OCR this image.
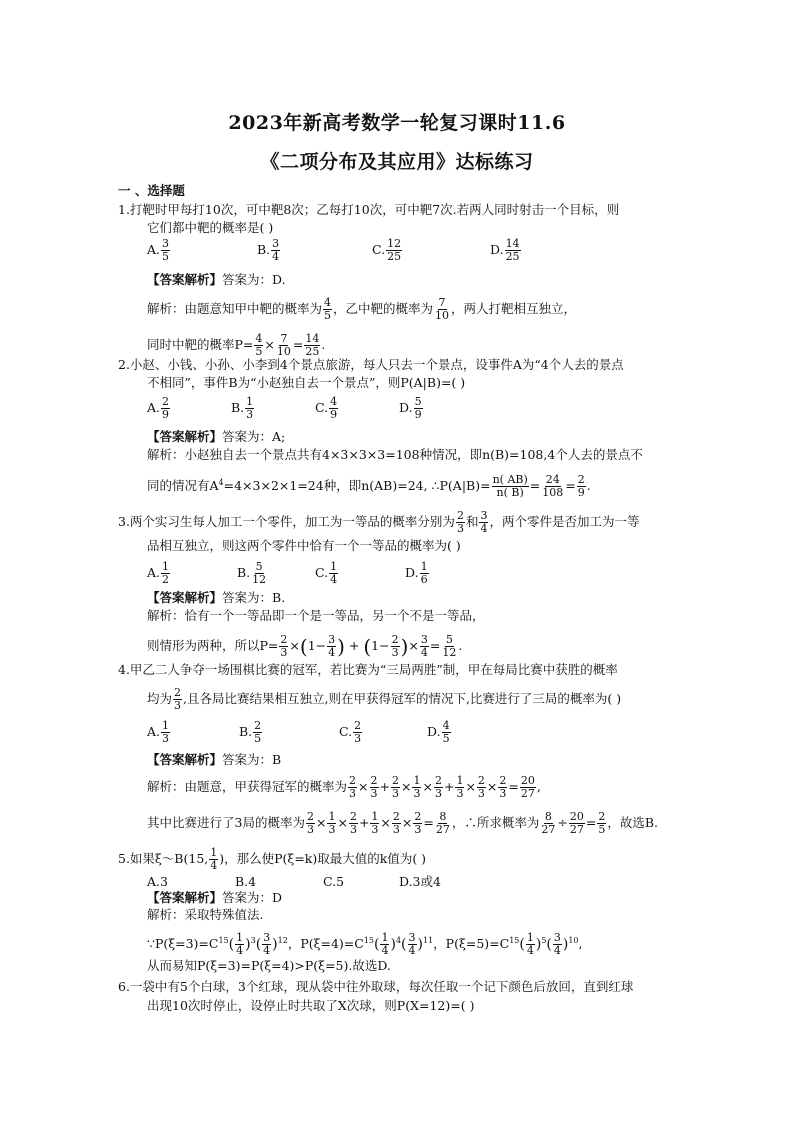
2023年新高考数学一轮复习课时11.6
《二项分布及其应用》达标练习
一 、选择题
1.打靶时甲每打10次，可中靶8次；乙每打10次，可中靶7次.若两人同时射击一个目标，则
它们都中靶的概率是( )
A. $\frac{3}{5}$	B. $\frac{3}{4}$	C. $\frac{12}{25}$	D. $\frac{14}{25}$
【答案解析】答案为：D.
解析：由题意知甲中靶的概率为 $\frac{4}{5}$ ，乙中靶的概率为 $\frac{7}{10}$ ，两人打靶相互独立，
同时中靶的概率$P= \frac{4}{5} \times \frac{7}{10} = \frac{14}{25}$ .
2.小赵、小钱、小孙、小李到4个景点旅游，每人只去一个景点，设事件A为“4个人去的景点
不相同”，事件B为“小赵独自去一个景点”，则P(A|B)=( )
A. $\frac{2}{9}$	B. $\frac{1}{3}$	C. $\frac{4}{9}$	D. $\frac{5}{9}$
【答案解析】答案为：A;
解析：小赵独自去一个景点共有4×3×3×3=108种情况，即n(B)=108,4个人去的景点不
同的情况有$A^4=4\times 3\times 2\times 1=24$种，即n(AB)=24, ∴P(A|B)= $\frac{n( AB)}{n( B)} = \frac{24}{108} = \frac{2}{9}$ .
3.两个实习生每人加工一个零件，加工为一等品的概率分别为 $\frac{2}{3}$ 和 $\frac{3}{4}$ ，两个零件是否加工为一等
品相互独立，则这两个零件中恰有一个一等品的概率为( )
A. $\frac{1}{2}$	B. $\frac{5}{12}$	C. $\frac{1}{4}$	D. $\frac{1}{6}$
【答案解析】答案为：B.
解析：恰有一个一等品即一个是一等品，另一个不是一等品，
则情形为两种，所以$P= \frac{2}{3} \times(1- \frac{3}{4}$ ) + ($1- \frac{2}{3}$ )× $\frac{3}{4} = \frac{5}{12}$ .
4.甲乙二人争夺一场围棋比赛的冠军，若比赛为“三局两胜”制，甲在每局比赛中获胜的概率
均为 $\frac{2}{3}$ ,且各局比赛结果相互独立,则在甲获得冠军的情况下,比赛进行了三局的概率为( )
A. $\frac{1}{3}$	B. $\frac{2}{5}$	C. $\frac{2}{3}$	D. $\frac{4}{5}$
【答案解析】答案为：B
解析：由题意，甲获得冠军的概率为 $\frac{2}{3} \times \frac{2}{3} + \frac{2}{3} \times \frac{1}{3} \times \frac{2}{3} + \frac{1}{3} \times \frac{2}{3} \times \frac{2}{3} = \frac{20}{27}$ ,
其中比赛进行了3局的概率为 $\frac{2}{3} \times \frac{1}{3} \times \frac{2}{3} + \frac{1}{3} \times \frac{2}{3} \times \frac{2}{3} = \frac{8}{27}$ ，∴所求概率为 $\frac{8}{27} \div \frac{20}{27} = \frac{2}{5}$ ，故选B.
5.如果ξ～B(15, $\frac{1}{4}$ )，那么使P(ξ=k)取最大值的k值为( )
A.3	B.4	C.5	D.3或4
【答案解析】答案为：D
解析：采取特殊值法.
$\because P(\xi=3)=C^{15}( \frac{1}{4} )^3( \frac{3}{4} )^{12}$，$P(\xi=4)=C^{15}( \frac{1}{4} )^4( \frac{3}{4} )^{11}$，$P(\xi=5)=C^{15}( \frac{1}{4} )^5( \frac{3}{4} )^{10}$,
从而易知P(ξ=3)=P(ξ=4)>P(ξ=5).故选D.
6.一袋中有5个白球，3个红球，现从袋中往外取球，每次任取一个记下颜色后放回，直到红球
出现10次时停止，设停止时共取了X次球，则P(X=12)=( )
